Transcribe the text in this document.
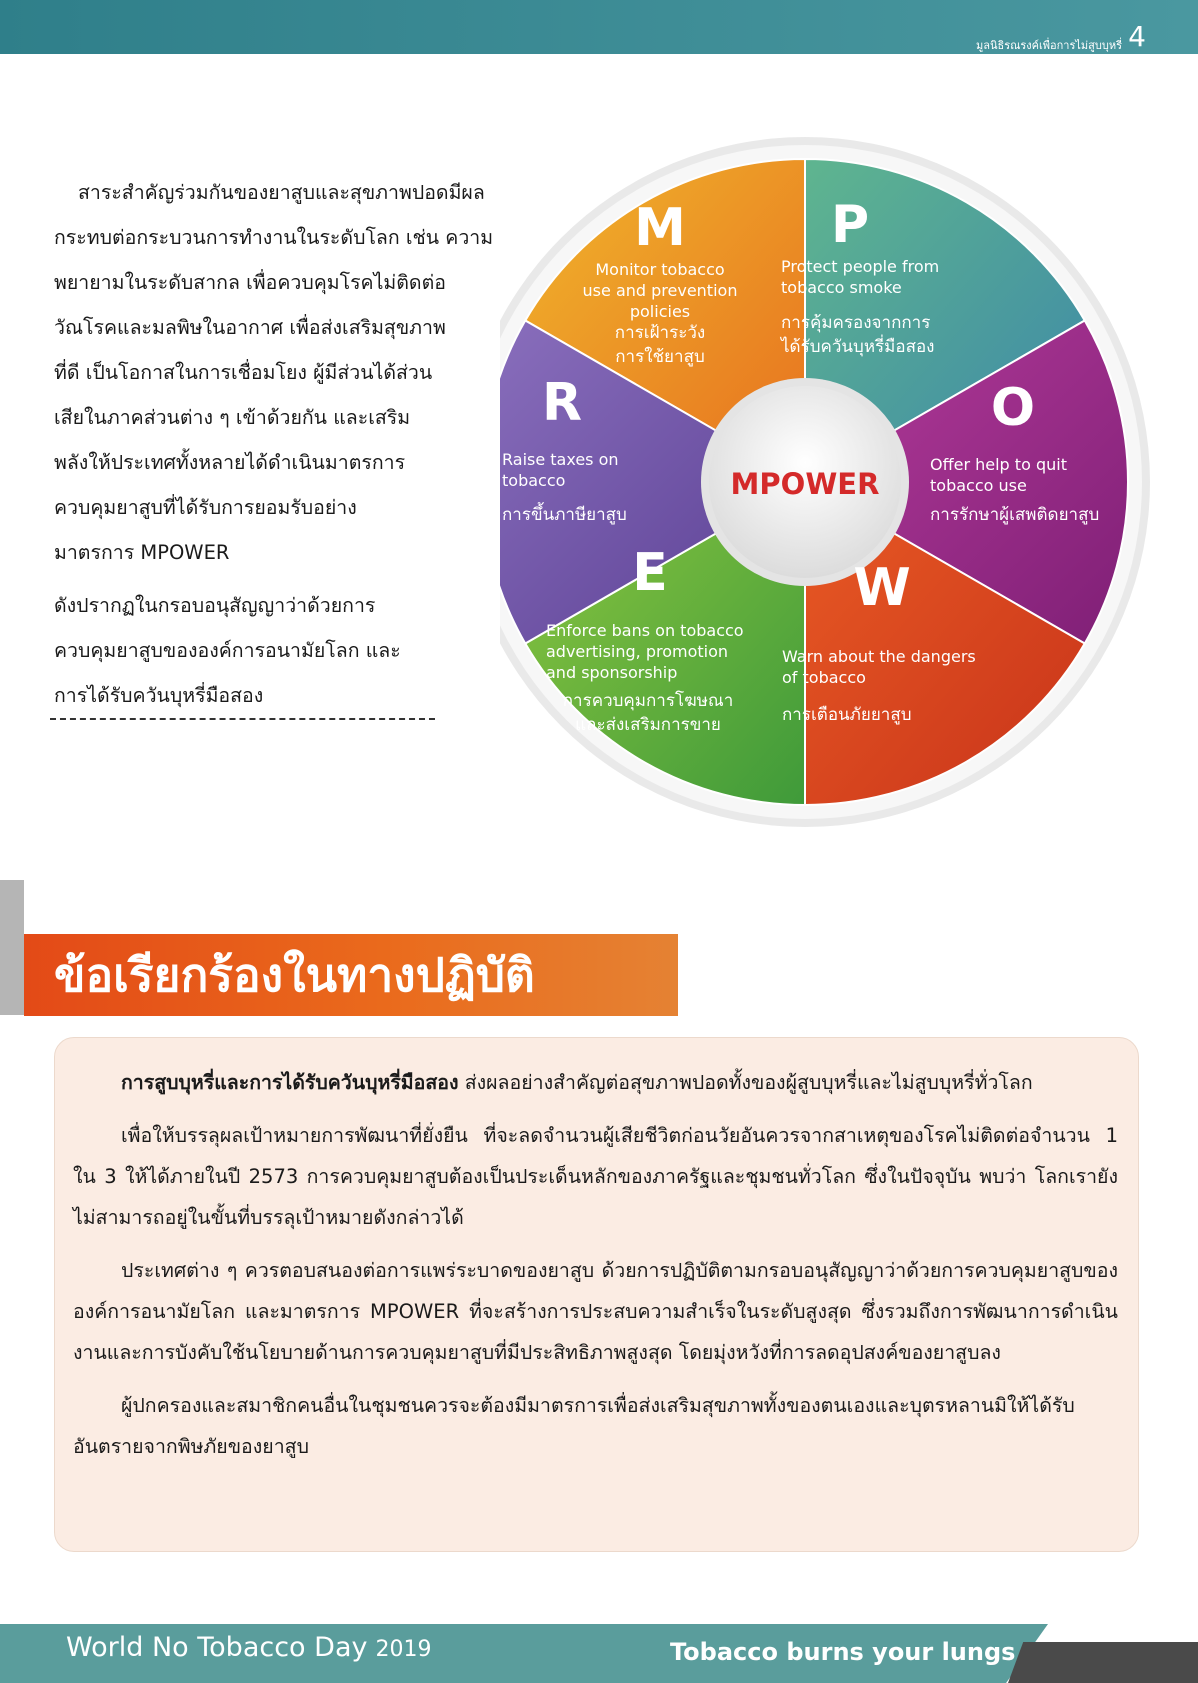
มูลนิธิรณรงค์เพื่อการไม่สูบบุหรี่ 4

สาระสำคัญร่วมกันของยาสูบและสุขภาพปอดมีผล

กระทบต่อกระบวนการทำงานในระดับโลก เช่น ความ

พยายามในระดับสากล เพื่อควบคุมโรคไม่ติดต่อ

วัณโรคและมลพิษในอากาศ เพื่อส่งเสริมสุขภาพ

ที่ดี เป็นโอกาสในการเชื่อมโยง ผู้มีส่วนได้ส่วน

เสียในภาคส่วนต่าง ๆ เข้าด้วยกัน และเสริม

พลังให้ประเทศทั้งหลายได้ดำเนินมาตรการ

ควบคุมยาสูบที่ได้รับการยอมรับอย่าง

มาตรการ MPOWER

ดังปรากฏในกรอบอนุสัญญาว่าด้วยการ

ควบคุมยาสูบขององค์การอนามัยโลก และ

การได้รับควันบุหรี่มือสอง

MPOWER
M
Monitor tobacco
use and prevention
policies
การเฝ้าระวัง
การใช้ยาสูบ
P
Protect people from
tobacco smoke
การคุ้มครองจากการ
ได้รับควันบุหรี่มือสอง
O
Offer help to quit
tobacco use
การรักษาผู้เสพติดยาสูบ
W
Warn about the dangers
of tobacco
การเตือนภัยยาสูบ
E
Enforce bans on tobacco
advertising, promotion
and sponsorship
การควบคุมการโฆษณา
และส่งเสริมการขาย
R
Raise taxes on
tobacco
การขึ้นภาษียาสูบ
ข้อเรียกร้องในทางปฏิบัติ

การสูบบุหรี่และการได้รับควันบุหรี่มือสอง ส่งผลอย่างสำคัญต่อสุขภาพปอดทั้งของผู้สูบบุหรี่และไม่สูบบุหรี่ทั่วโลก

เพื่อให้บรรลุผลเป้าหมายการพัฒนาที่ยั่งยืน ที่จะลดจำนวนผู้เสียชีวิตก่อนวัยอันควรจากสาเหตุของโรคไม่ติดต่อจำนวน 1 ใน 3 ให้ได้ภายในปี 2573 การควบคุมยาสูบต้องเป็นประเด็นหลักของภาครัฐและชุมชนทั่วโลก ซึ่งในปัจจุบัน พบว่า โลกเรายังไม่สามารถอยู่ในขั้นที่บรรลุเป้าหมายดังกล่าวได้

ประเทศต่าง ๆ ควรตอบสนองต่อการแพร่ระบาดของยาสูบ ด้วยการปฏิบัติตามกรอบอนุสัญญาว่าด้วยการควบคุมยาสูบขององค์การอนามัยโลก และมาตรการ MPOWER ที่จะสร้างการประสบความสำเร็จในระดับสูงสุด ซึ่งรวมถึงการพัฒนาการดำเนินงานและการบังคับใช้นโยบายด้านการควบคุมยาสูบที่มีประสิทธิภาพสูงสุด โดยมุ่งหวังที่การลดอุปสงค์ของยาสูบลง

ผู้ปกครองและสมาชิกคนอื่นในชุมชนควรจะต้องมีมาตรการเพื่อส่งเสริมสุขภาพทั้งของตนเองและบุตรหลานมิให้ได้รับอันตรายจากพิษภัยของยาสูบ

World No Tobacco Day 2019	Tobacco burns your lungs
